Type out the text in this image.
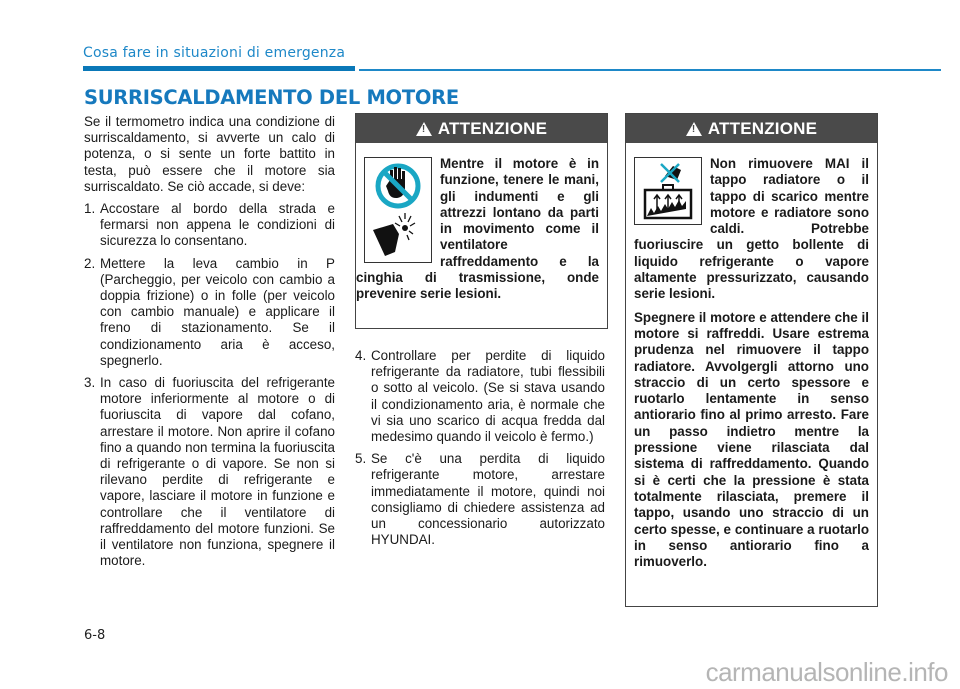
Cosa fare in situazioni di emergenza
SURRISCALDAMENTO DEL MOTORE

Se il termometro indica una condizione di surriscaldamento, si avverte un calo di potenza, o si sente un forte battito in testa, può essere che il motore sia surriscaldato. Se ciò accade, si deve:

1. Accostare al bordo della strada e fermarsi non appena le condizioni di sicurezza lo consentano.
2. Mettere la leva cambio in P (Parcheggio, per veicolo con cambio a doppia frizione) o in folle (per veicolo con cambio manuale) e applicare il freno di stazionamento. Se il condizionamento aria è acceso, spegnerlo.
3. In caso di fuoriuscita del refrigerante motore inferiormente al motore o di fuoriuscita di vapore dal cofano, arrestare il motore. Non aprire il cofano fino a quando non termina la fuoriuscita di refrigerante o di vapore. Se non si rilevano perdite di refrigerante e vapore, lasciare il motore in funzione e controllare che il ventilatore di raffreddamento del motore funzioni. Se il ventilatore non funziona, spegnere il motore.
!
ATTENZIONE

Mentre il motore è in funzione, tenere le mani, gli indumenti e gli attrezzi lontano da parti in movimento come il ventilatore raffreddamento e la cinghia di trasmissione, onde prevenire serie lesioni.

4. Controllare per perdite di liquido refrigerante da radiatore, tubi flessibili o sotto al veicolo. (Se si stava usando il condizionamento aria, è normale che vi sia uno scarico di acqua fredda dal medesimo quando il veicolo è fermo.)
5. Se c'è una perdita di liquido refrigerante motore, arrestare immediatamente il motore, quindi noi consigliamo di chiedere assistenza ad un concessionario autorizzato HYUNDAI.
!
ATTENZIONE

Non rimuovere MAI il tappo radiatore o il tappo di scarico mentre motore e radiatore sono caldi. Potrebbe fuoriuscire un getto bollente di liquido refrigerante o vapore altamente pressurizzato, causando serie lesioni.

Spegnere il motore e attendere che il motore si raffreddi. Usare estrema prudenza nel rimuovere il tappo radiatore. Avvolgergli attorno uno straccio di un certo spessore e ruotarlo lentamente in senso antiorario fino al primo arresto. Fare un passo indietro mentre la pressione viene rilasciata dal sistema di raffreddamento. Quando si è certi che la pressione è stata totalmente rilasciata, premere il tappo, usando uno straccio di un certo spesse, e continuare a ruotarlo in senso antiorario fino a rimuoverlo.

6-8
carmanualsonline.info
